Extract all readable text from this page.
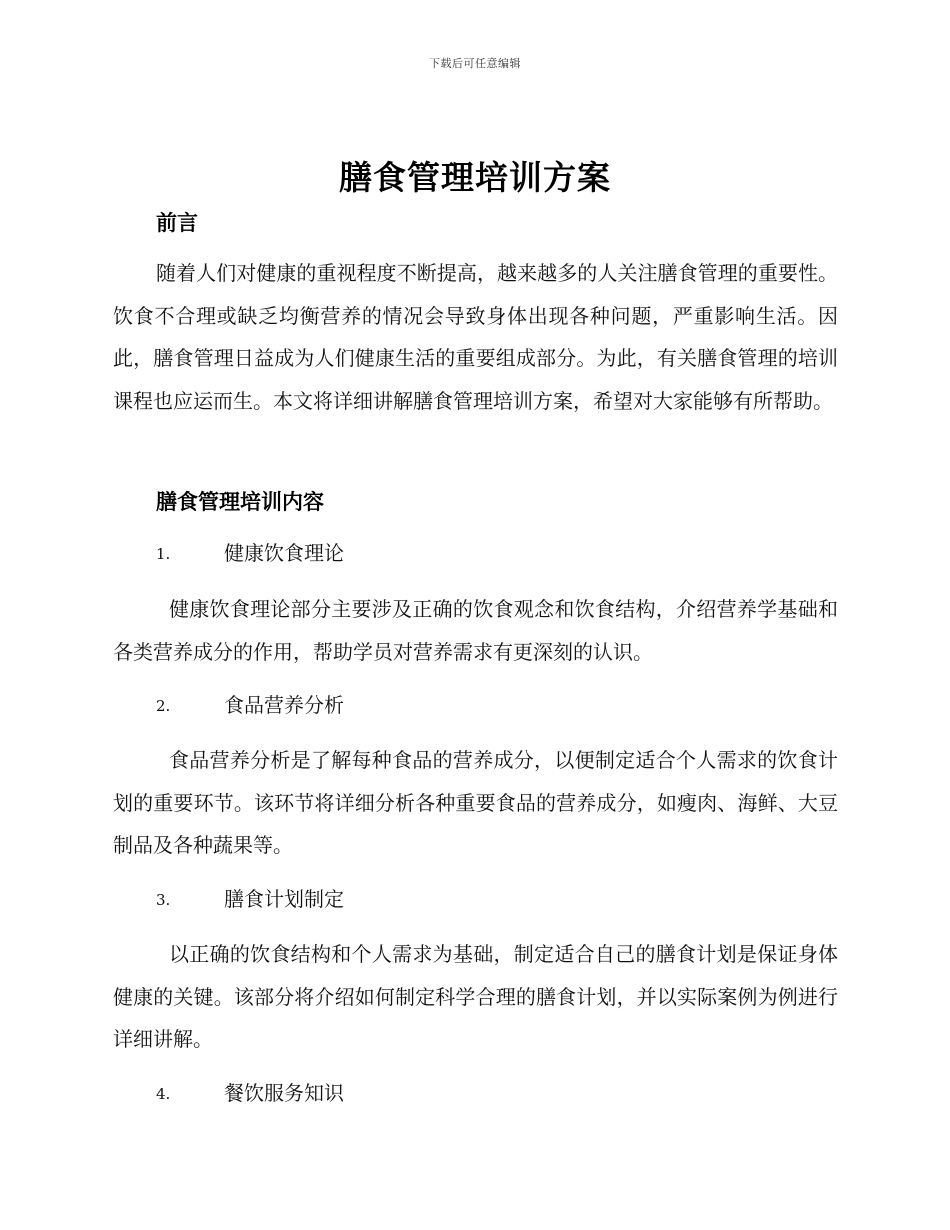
下载后可任意编辑
膳食管理培训方案
前言

随着人们对健康的重视程度不断提高，越来越多的人关注膳食管理的重要性。饮食不合理或缺乏均衡营养的情况会导致身体出现各种问题，严重影响生活。因此，膳食管理日益成为人们健康生活的重要组成部分。为此，有关膳食管理的培训课程也应运而生。本文将详细讲解膳食管理培训方案，希望对大家能够有所帮助。

膳食管理培训内容
1.	健康饮食理论

健康饮食理论部分主要涉及正确的饮食观念和饮食结构，介绍营养学基础和各类营养成分的作用，帮助学员对营养需求有更深刻的认识。

2.	食品营养分析

食品营养分析是了解每种食品的营养成分，以便制定适合个人需求的饮食计划的重要环节。该环节将详细分析各种重要食品的营养成分，如瘦肉、海鲜、大豆制品及各种蔬果等。

3.	膳食计划制定

以正确的饮食结构和个人需求为基础，制定适合自己的膳食计划是保证身体健康的关键。该部分将介绍如何制定科学合理的膳食计划，并以实际案例为例进行详细讲解。

4.	餐饮服务知识
